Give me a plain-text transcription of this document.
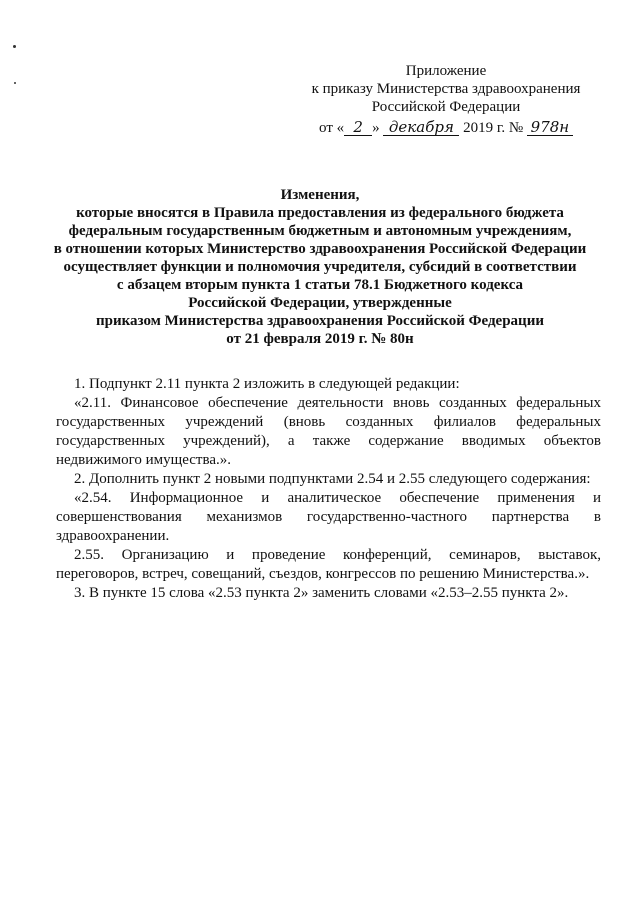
Приложение
к приказу Министерства здравоохранения
Российской Федерации
от « 2 » декабря 2019 г. № 978н
Изменения,
которые вносятся в Правила предоставления из федерального бюджета
федеральным государственным бюджетным и автономным учреждениям,
в отношении которых Министерство здравоохранения Российской Федерации
осуществляет функции и полномочия учредителя, субсидий в соответствии
с абзацем вторым пункта 1 статьи 78.1 Бюджетного кодекса
Российской Федерации, утвержденные
приказом Министерства здравоохранения Российской Федерации
от 21 февраля 2019 г. № 80н

1. Подпункт 2.11 пункта 2 изложить в следующей редакции:

«2.11. Финансовое обеспечение деятельности вновь созданных федеральных государственных учреждений (вновь созданных филиалов федеральных государственных учреждений), а также содержание вводимых объектов недвижимого имущества.».

2. Дополнить пункт 2 новыми подпунктами 2.54 и 2.55 следующего содержания:

«2.54. Информационное и аналитическое обеспечение применения и совершенствования механизмов государственно-частного партнерства в здравоохранении.

2.55. Организацию и проведение конференций, семинаров, выставок, переговоров, встреч, совещаний, съездов, конгрессов по решению Министерства.».

3. В пункте 15 слова «2.53 пункта 2» заменить словами «2.53–2.55 пункта 2».
